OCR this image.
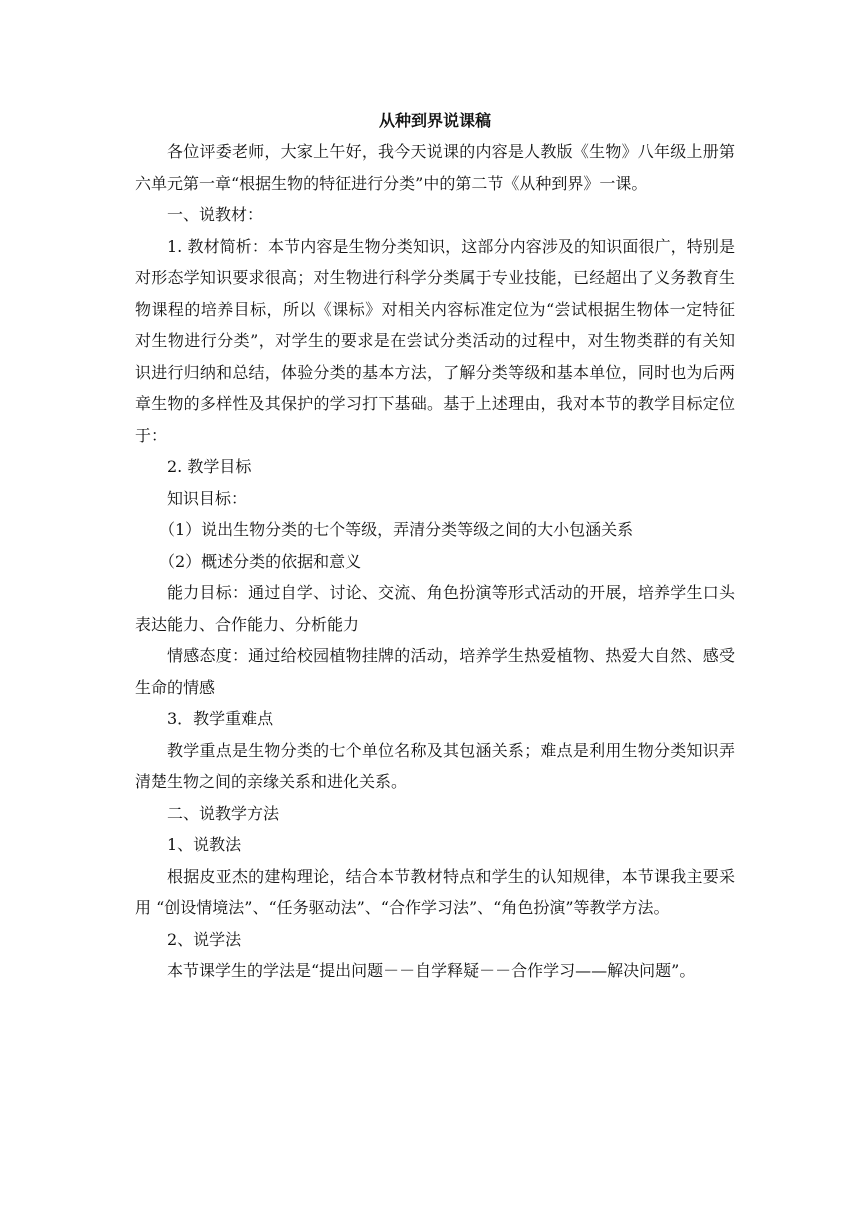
从种到界说课稿

各位评委老师，大家上午好，我今天说课的内容是人教版《生物》八年级上册第六单元第一章“根据生物的特征进行分类”中的第二节《从种到界》一课。

一、说教材：

1. 教材简析：本节内容是生物分类知识，这部分内容涉及的知识面很广，特别是对形态学知识要求很高；对生物进行科学分类属于专业技能，已经超出了义务教育生物课程的培养目标，所以《课标》对相关内容标准定位为“尝试根据生物体一定特征对生物进行分类”，对学生的要求是在尝试分类活动的过程中，对生物类群的有关知识进行归纳和总结，体验分类的基本方法，了解分类等级和基本单位，同时也为后两章生物的多样性及其保护的学习打下基础。基于上述理由，我对本节的教学目标定位于：

2. 教学目标

知识目标：

（1）说出生物分类的七个等级，弄清分类等级之间的大小包涵关系

（2）概述分类的依据和意义

能力目标：通过自学、讨论、交流、角色扮演等形式活动的开展，培养学生口头表达能力、合作能力、分析能力

情感态度：通过给校园植物挂牌的活动，培养学生热爱植物、热爱大自然、感受生命的情感

3．教学重难点

教学重点是生物分类的七个单位名称及其包涵关系；难点是利用生物分类知识弄清楚生物之间的亲缘关系和进化关系。

二、说教学方法

1、说教法

根据皮亚杰的建构理论，结合本节教材特点和学生的认知规律，本节课我主要采用 “创设情境法”、“任务驱动法”、“合作学习法”、“角色扮演”等教学方法。

2、说学法

本节课学生的学法是“提出问题－－自学释疑－－合作学习——解决问题”。
